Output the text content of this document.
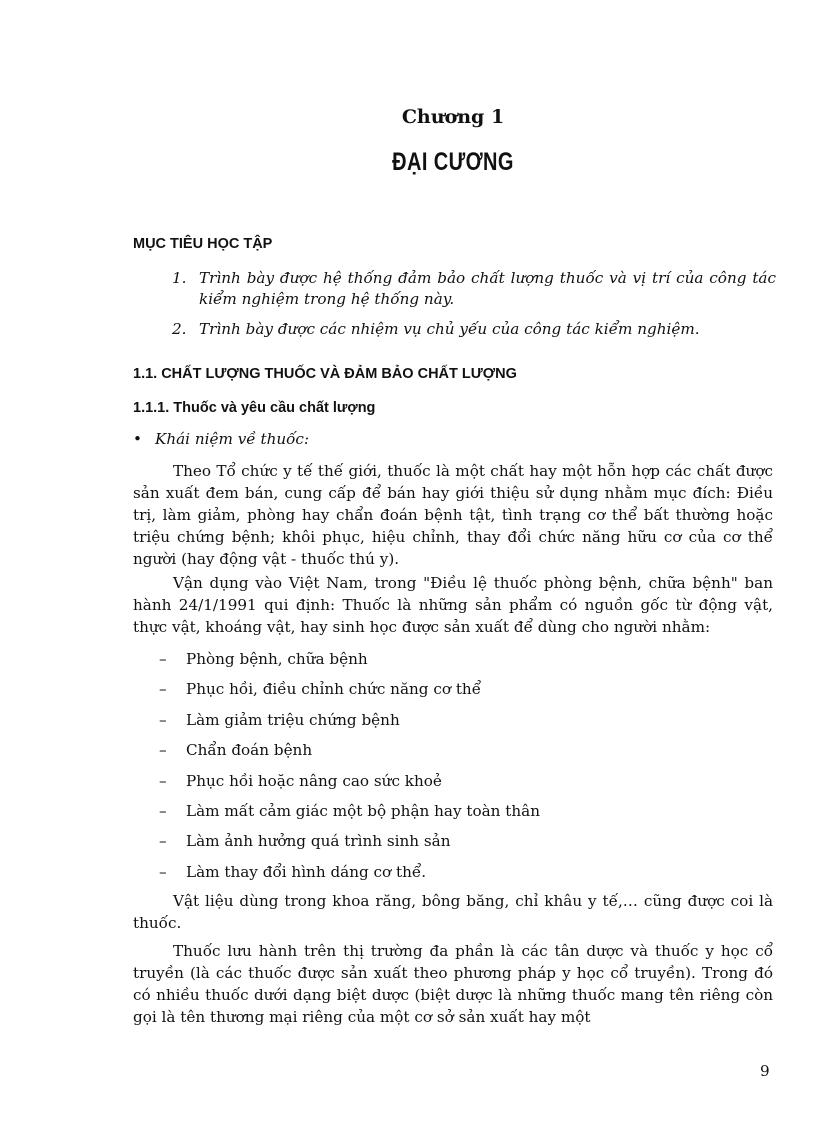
Chương 1
ĐẠI CƯƠNG
MỤC TIÊU HỌC TẬP
1. Trình bày được hệ thống đảm bảo chất lượng thuốc và vị trí của công tác kiểm nghiệm trong hệ thống này.
2. Trình bày được các nhiệm vụ chủ yếu của công tác kiểm nghiệm.
1.1. CHẤT LƯỢNG THUỐC VÀ ĐẢM BẢO CHẤT LƯỢNG
1.1.1. Thuốc và yêu cầu chất lượng
• Khái niệm về thuốc:

Theo Tổ chức y tế thế giới, thuốc là một chất hay một hỗn hợp các chất được sản xuất đem bán, cung cấp để bán hay giới thiệu sử dụng nhằm mục đích: Điều trị, làm giảm, phòng hay chẩn đoán bệnh tật, tình trạng cơ thể bất thường hoặc triệu chứng bệnh; khôi phục, hiệu chỉnh, thay đổi chức năng hữu cơ của cơ thể người (hay động vật - thuốc thú y).

Vận dụng vào Việt Nam, trong "Điều lệ thuốc phòng bệnh, chữa bệnh" ban hành 24/1/1991 qui định: Thuốc là những sản phẩm có nguồn gốc từ động vật, thực vật, khoáng vật, hay sinh học được sản xuất để dùng cho người nhằm:

– Phòng bệnh, chữa bệnh
– Phục hồi, điều chỉnh chức năng cơ thể
– Làm giảm triệu chứng bệnh
– Chẩn đoán bệnh
– Phục hồi hoặc nâng cao sức khoẻ
– Làm mất cảm giác một bộ phận hay toàn thân
– Làm ảnh hưởng quá trình sinh sản
– Làm thay đổi hình dáng cơ thể.

Vật liệu dùng trong khoa răng, bông băng, chỉ khâu y tế,… cũng được coi là thuốc.

Thuốc lưu hành trên thị trường đa phần là các tân dược và thuốc y học cổ truyền (là các thuốc được sản xuất theo phương pháp y học cổ truyền). Trong đó có nhiều thuốc dưới dạng biệt dược (biệt dược là những thuốc mang tên riêng còn gọi là tên thương mại riêng của một cơ sở sản xuất hay một

9
